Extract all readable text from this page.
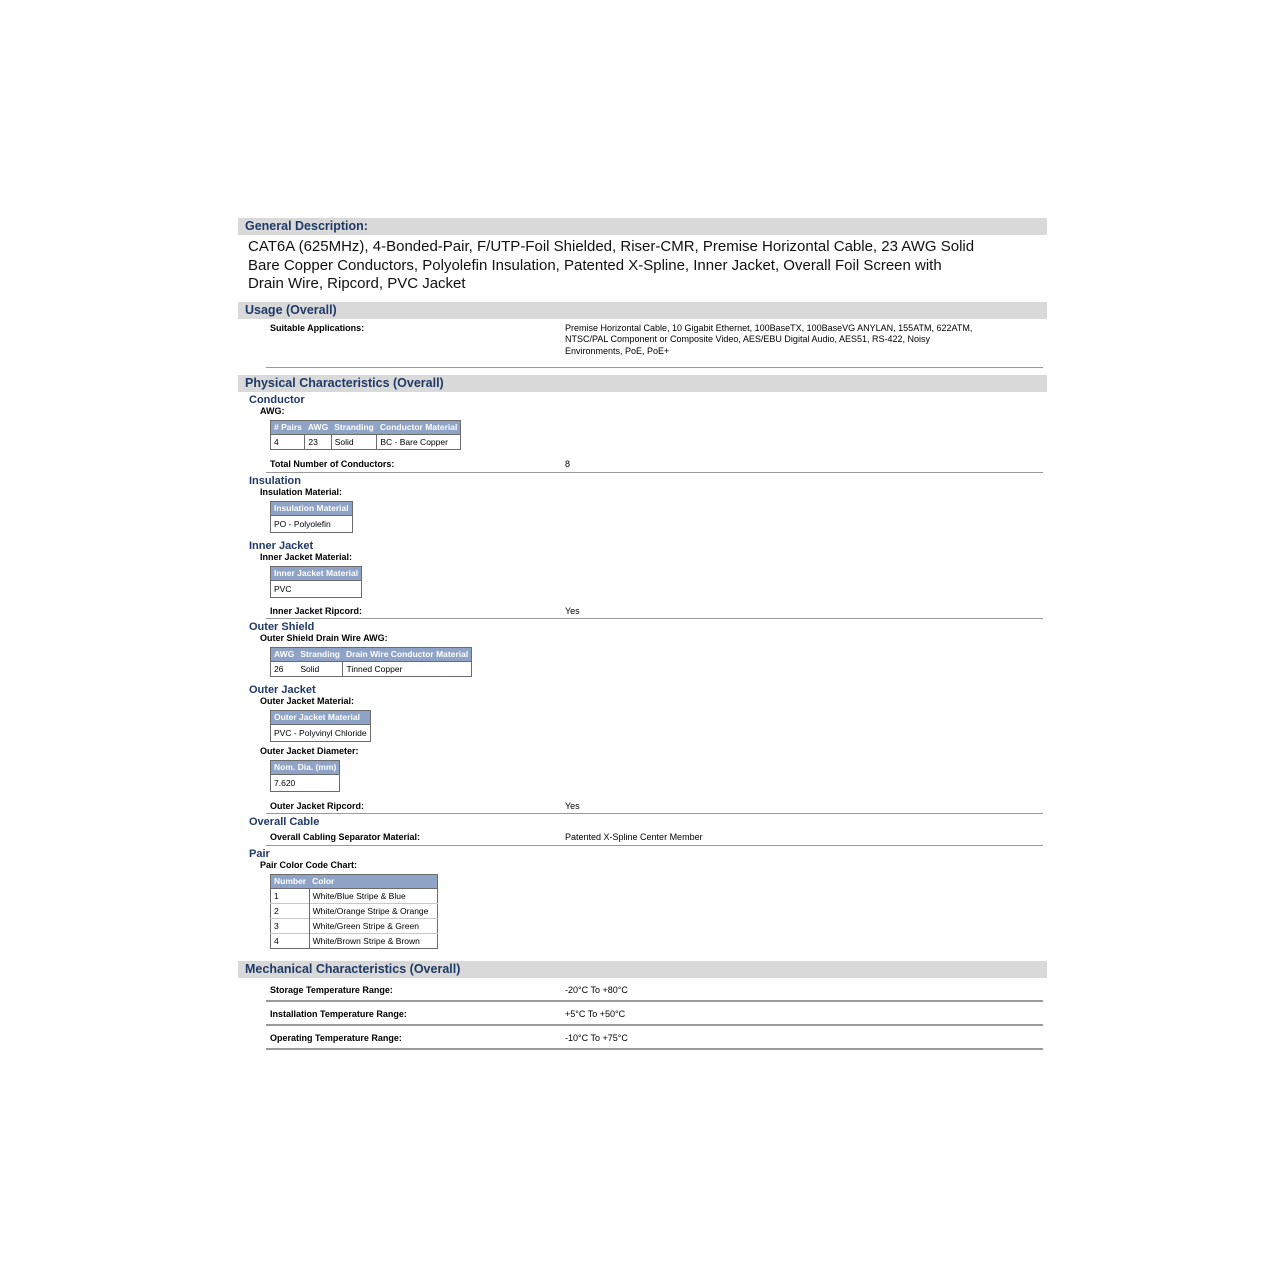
General Description:
CAT6A (625MHz), 4-Bonded-Pair, F/UTP-Foil Shielded, Riser-CMR, Premise Horizontal Cable, 23 AWG Solid Bare Copper Conductors, Polyolefin Insulation, Patented X-Spline, Inner Jacket, Overall Foil Screen with Drain Wire, Ripcord, PVC Jacket
Usage (Overall)
Suitable Applications:	Premise Horizontal Cable, 10 Gigabit Ethernet, 100BaseTX, 100BaseVG ANYLAN, 155ATM, 622ATM, NTSC/PAL Component or Composite Video, AES/EBU Digital Audio, AES51, RS-422, Noisy Environments, PoE, PoE+
Physical Characteristics (Overall)
Conductor
AWG:
# Pairs	AWG	Stranding	Conductor Material
4	23	Solid	BC - Bare Copper
Total Number of Conductors:	8
Insulation
Insulation Material:
Insulation Material
PO - Polyolefin
Inner Jacket
Inner Jacket Material:
Inner Jacket Material
PVC
Inner Jacket Ripcord:	Yes
Outer Shield
Outer Shield Drain Wire AWG:
AWG	Stranding	Drain Wire Conductor Material
26	Solid	Tinned Copper
Outer Jacket
Outer Jacket Material:
Outer Jacket Material
PVC - Polyvinyl Chloride
Outer Jacket Diameter:
Nom. Dia. (mm)
7.620
Outer Jacket Ripcord:	Yes
Overall Cable
Overall Cabling Separator Material:	Patented X-Spline Center Member
Pair
Pair Color Code Chart:
Number	Color
1	White/Blue Stripe & Blue
2	White/Orange Stripe & Orange
3	White/Green Stripe & Green
4	White/Brown Stripe & Brown
Mechanical Characteristics (Overall)
Storage Temperature Range:	-20°C To +80°C
Installation Temperature Range:	+5°C To +50°C
Operating Temperature Range:	-10°C To +75°C
